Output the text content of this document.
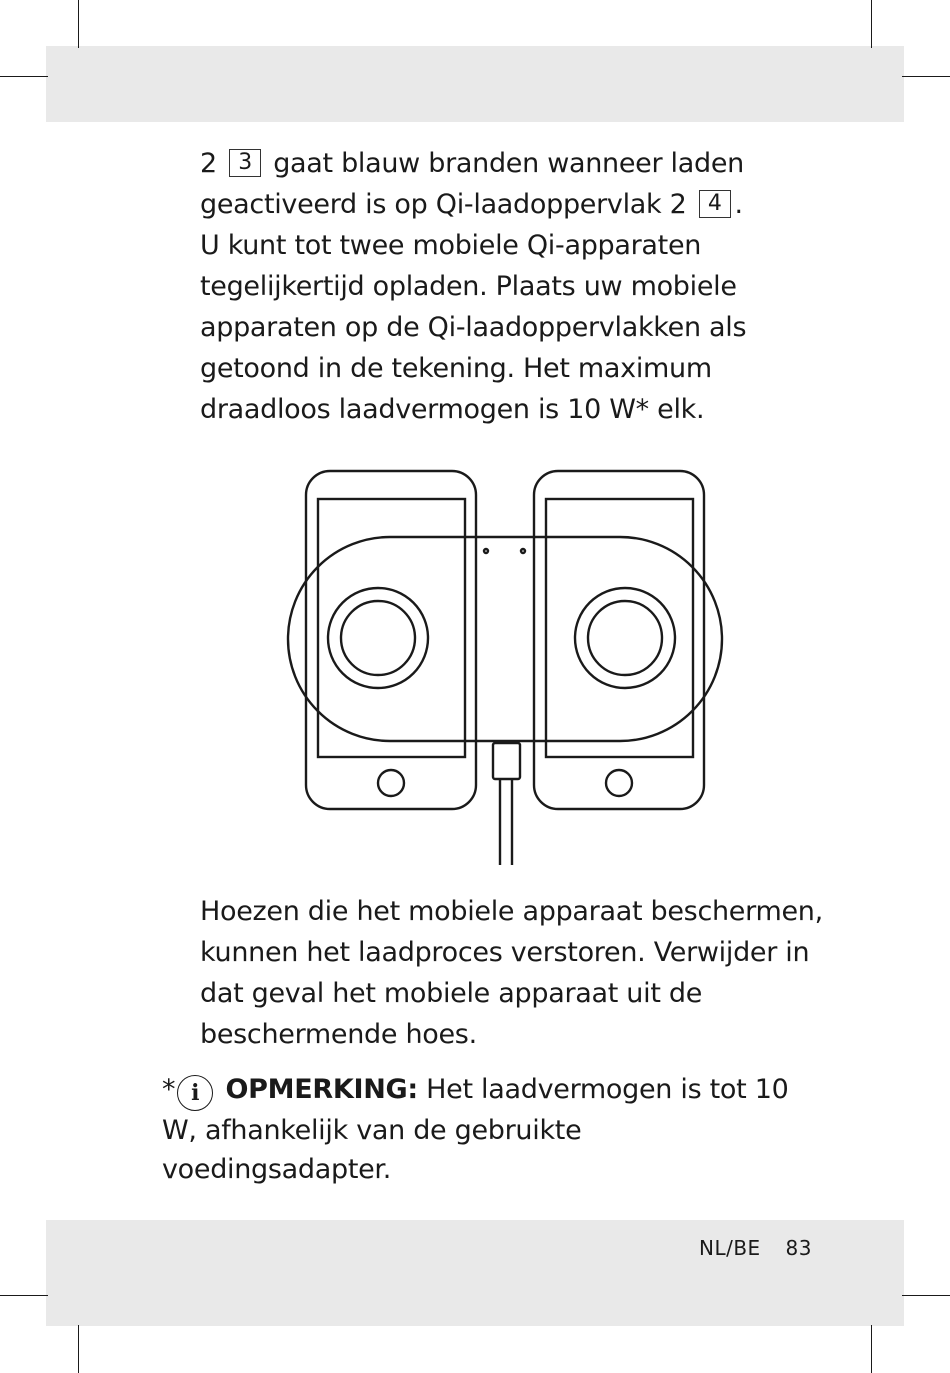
2 3 gaat blauw branden wanneer laden
geactiveerd is op Qi-laadoppervlak 2 4 .
U kunt tot twee mobiele Qi-apparaten tegelijkertijd opladen. Plaats uw mobiele apparaten op de Qi-laadoppervlakken als getoond in de tekening. Het maximum draadloos laadvermogen is 10 W* elk.

Hoezen die het mobiele apparaat beschermen, kunnen het laadproces verstoren. Verwijder in dat geval het mobiele apparaat uit de beschermende hoes.

* i OPMERKING: Het laadvermogen is tot 10 W, afhankelijk van de gebruikte voedingsadapter.

NL/BE 83
